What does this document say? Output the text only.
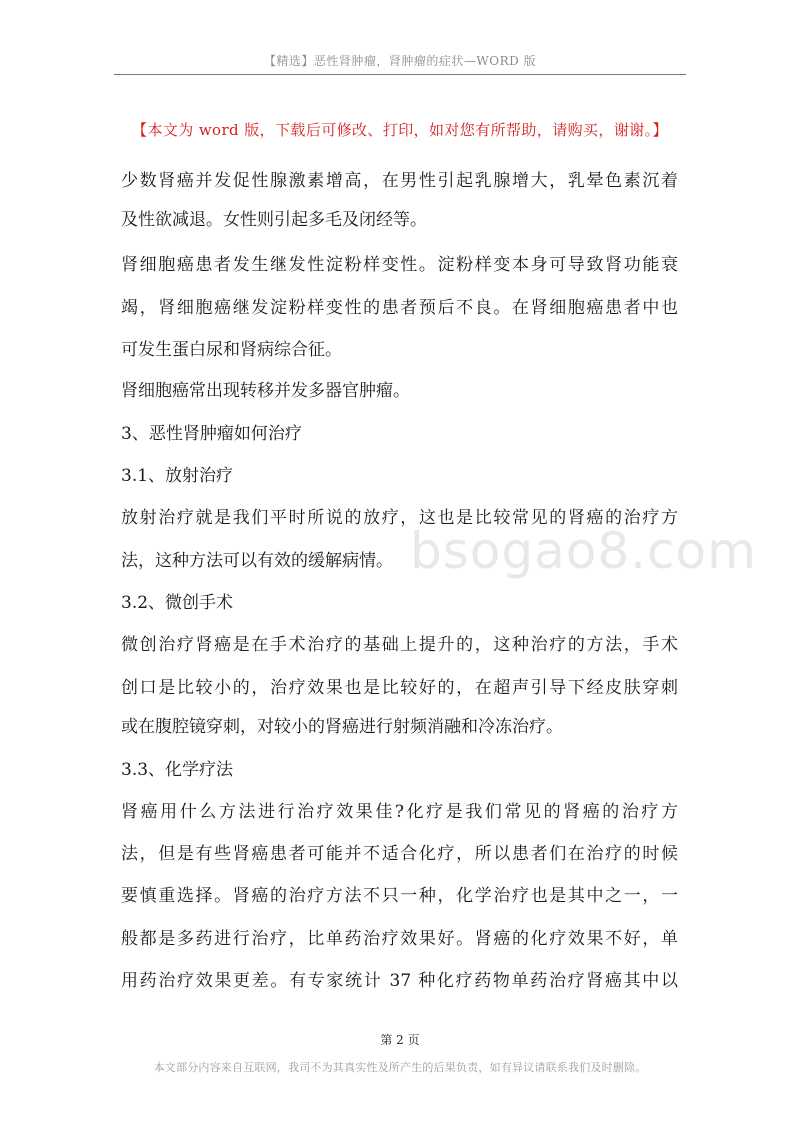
【精选】恶性肾肿瘤，肾肿瘤的症状—WORD 版
bsogao8.com
【本文为 word 版，下载后可修改、打印，如对您有所帮助，请购买，谢谢。】
少数肾癌并发促性腺激素增高，在男性引起乳腺增大，乳晕色素沉着
及性欲减退。女性则引起多毛及闭经等。
肾细胞癌患者发生继发性淀粉样变性。淀粉样变本身可导致肾功能衰
竭，肾细胞癌继发淀粉样变性的患者预后不良。在肾细胞癌患者中也
可发生蛋白尿和肾病综合征。
肾细胞癌常出现转移并发多器官肿瘤。
3、恶性肾肿瘤如何治疗
3.1、放射治疗
放射治疗就是我们平时所说的放疗，这也是比较常见的肾癌的治疗方
法，这种方法可以有效的缓解病情。
3.2、微创手术
微创治疗肾癌是在手术治疗的基础上提升的，这种治疗的方法，手术
创口是比较小的，治疗效果也是比较好的，在超声引导下经皮肤穿刺
或在腹腔镜穿刺，对较小的肾癌进行射频消融和冷冻治疗。
3.3、化学疗法
肾癌用什么方法进行治疗效果佳?化疗是我们常见的肾癌的治疗方
法，但是有些肾癌患者可能并不适合化疗，所以患者们在治疗的时候
要慎重选择。肾癌的治疗方法不只一种，化学治疗也是其中之一，一
般都是多药进行治疗，比单药治疗效果好。肾癌的化疗效果不好，单
用药治疗效果更差。有专家统计 37 种化疗药物单药治疗肾癌其中以
第 2 页
本文部分内容来自互联网，我司不为其真实性及所产生的后果负责，如有异议请联系我们及时删除。
